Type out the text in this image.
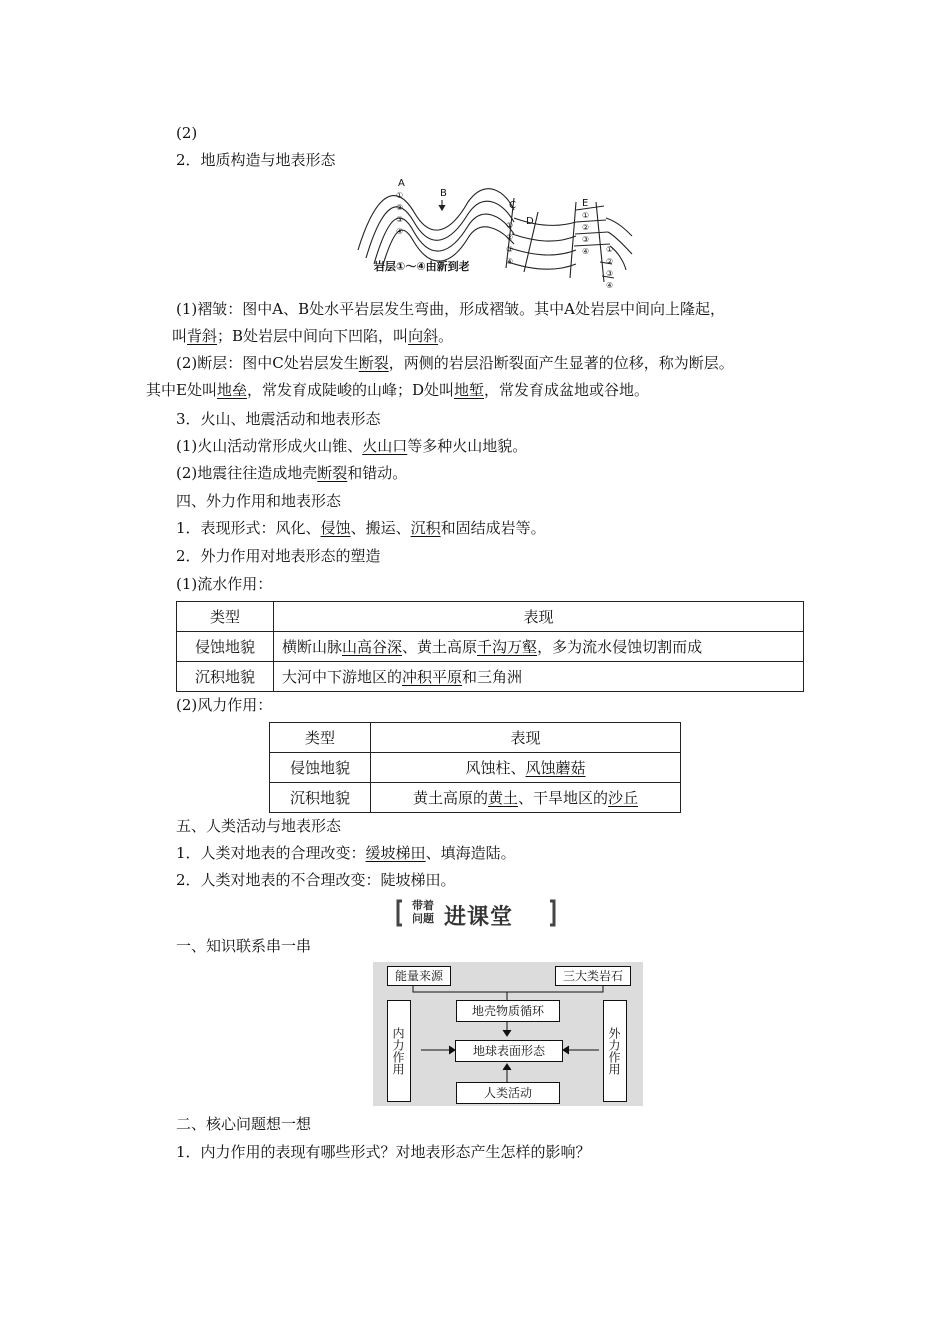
(2)
2．地质构造与地表形态
A
B
C
D
E
①
②
③
④
①
②
③
④
①
②
③
④ ①
②
③
④
岩层①～④由新到老
(1)褶皱：图中A、B处水平岩层发生弯曲，形成褶皱。其中A处岩层中间向上隆起，
叫背斜；B处岩层中间向下凹陷，叫向斜。
(2)断层：图中C处岩层发生断裂，两侧的岩层沿断裂面产生显著的位移，称为断层。
其中E处叫地垒，常发育成陡峻的山峰；D处叫地堑，常发育成盆地或谷地。
3．火山、地震活动和地表形态
(1)火山活动常形成火山锥、火山口等多种火山地貌。
(2)地震往往造成地壳断裂和错动。
四、外力作用和地表形态
1．表现形式：风化、侵蚀、搬运、沉积和固结成岩等。
2．外力作用对地表形态的塑造
(1)流水作用：
类型	表现
侵蚀地貌	横断山脉山高谷深、黄土高原千沟万壑，多为流水侵蚀切割而成
沉积地貌	大河中下游地区的冲积平原和三角洲
(2)风力作用：
类型	表现
侵蚀地貌	风蚀柱、风蚀蘑菇
沉积地貌	黄土高原的黄土、干旱地区的沙丘
五、人类活动与地表形态
1．人类对地表的合理改变：缓坡梯田、填海造陆。
2．人类对地表的不合理改变：陡坡梯田。
带着
问题 进课堂
一、知识联系串一串
能量来源	三大类岩石
地壳物质循环
地球表面形态
人类活动
内力作用	外力作用
二、核心问题想一想
1．内力作用的表现有哪些形式？对地表形态产生怎样的影响？
